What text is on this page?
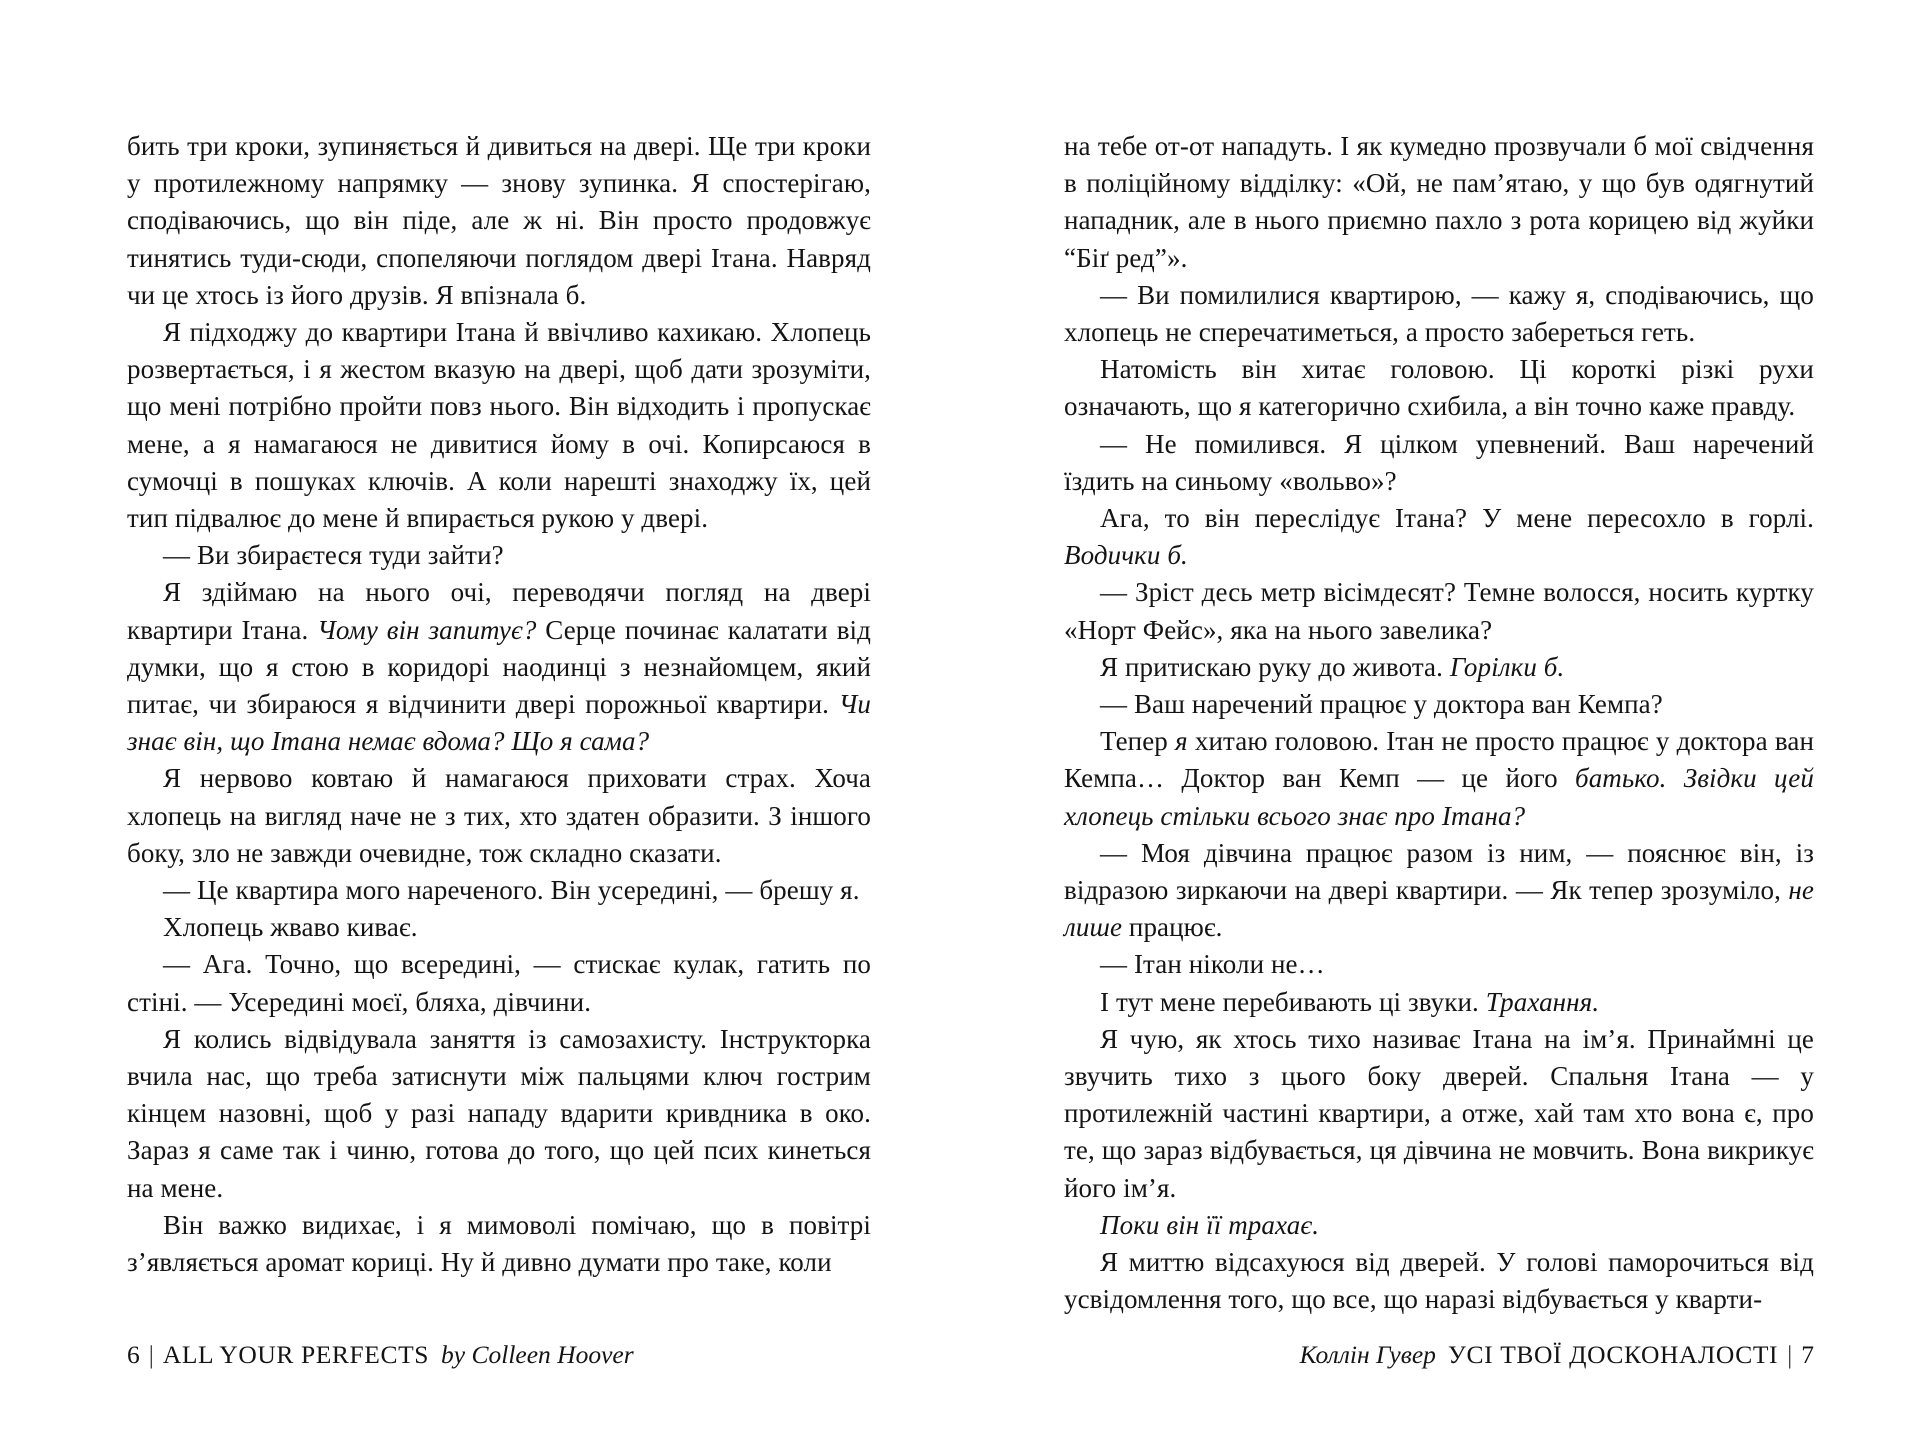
бить три кроки, зупиняється й дивиться на двері. Ще три кроки у протилежному напрямку — знову зупинка. Я спостерігаю, сподіваючись, що він піде, але ж ні. Він просто продовжує тинятись туди-сюди, спопеляючи поглядом двері Ітана. Навряд чи це хтось із його друзів. Я впізнала б.

Я підходжу до квартири Ітана й ввічливо кахикаю. Хлопець розвертається, і я жестом вказую на двері, щоб дати зрозуміти, що мені потрібно пройти повз нього. Він відходить і пропускає мене, а я намагаюся не дивитися йому в очі. Копирсаюся в сумочці в пошуках ключів. А коли нарешті знаходжу їх, цей тип підвалює до мене й впирається рукою у двері.

— Ви збираєтеся туди зайти?

Я здіймаю на нього очі, переводячи погляд на двері квартири Ітана. Чому він запитує? Серце починає калатати від думки, що я стою в коридорі наодинці з незнайомцем, який питає, чи збираюся я відчинити двері порожньої квартири. Чи знає він, що Ітана немає вдома? Що я сама?

Я нервово ковтаю й намагаюся приховати страх. Хоча хлопець на вигляд наче не з тих, хто здатен образити. З іншого боку, зло не завжди очевидне, тож складно сказати.

— Це квартира мого нареченого. Він усередині, — брешу я.

Хлопець жваво киває.

— Ага. Точно, що всередині, — стискає кулак, гатить по стіні. — Усередині моєї, бляха, дівчини.

Я колись відвідувала заняття із самозахисту. Інструкторка вчила нас, що треба затиснути між пальцями ключ гострим кінцем назовні, щоб у разі нападу вдарити кривдника в око. Зараз я саме так і чиню, готова до того, що цей псих кинеться на мене.

Він важко видихає, і я мимоволі помічаю, що в повітрі з’являється аромат кориці. Ну й дивно думати про таке, коли

6 | ALL YOUR PERFECTS by Colleen Hoover

на тебе от-от нападуть. І як кумедно прозвучали б мої свідчення в поліційному відділку: «Ой, не пам’ятаю, у що був одягнутий нападник, але в нього приємно пахло з рота корицею від жуйки “Біґ ред”».

— Ви помилилися квартирою, — кажу я, сподіваючись, що хлопець не сперечатиметься, а просто забереться геть.

Натомість він хитає головою. Ці короткі різкі рухи означають, що я категорично схибила, а він точно каже правду.

— Не помилився. Я цілком упевнений. Ваш наречений їздить на синьому «вольво»?

Ага, то він переслідує Ітана? У мене пересохло в горлі. Водички б.

— Зріст десь метр вісімдесят? Темне волосся, носить куртку «Норт Фейс», яка на нього завелика?

Я притискаю руку до живота. Горілки б.

— Ваш наречений працює у доктора ван Кемпа?

Тепер я хитаю головою. Ітан не просто працює у доктора ван Кемпа… Доктор ван Кемп — це його батько. Звідки цей хлопець стільки всього знає про Ітана?

— Моя дівчина працює разом із ним, — пояснює він, із відразою зиркаючи на двері квартири. — Як тепер зрозуміло, не лише працює.

— Ітан ніколи не…

І тут мене перебивають ці звуки. Трахання.

Я чую, як хтось тихо називає Ітана на ім’я. Принаймні це звучить тихо з цього боку дверей. Спальня Ітана — у протилежній частині квартири, а отже, хай там хто вона є, про те, що зараз відбувається, ця дівчина не мовчить. Вона викрикує його ім’я.

Поки він її трахає.

Я миттю відсахуюся від дверей. У голові паморочиться від усвідомлення того, що все, що наразі відбувається у кварти-

Коллін Гувер УСІ ТВОЇ ДОСКОНАЛОСТІ | 7
